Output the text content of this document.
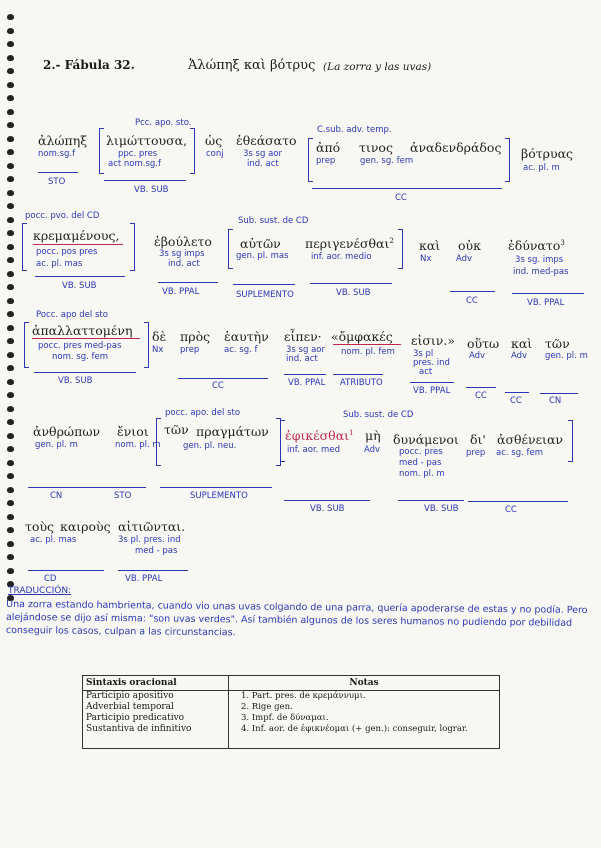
2.- Fábula 32.	Ἀλώπηξ καὶ βότρυς (La zorra y las uvas)
ἀλώπηξ
nom.sg.f
STO
Pcc. apo. sto.
λιμώττουσα,
ppc. pres
act nom.sg.f
VB. SUB
ὡς
conj
ἐθεάσατο
3s sg aor
ind. act
C.sub. adv. temp.
ἀπό
prep
τινος ἀναδενδράδος
gen. sg. fem
CC
βότρυας
ac. pl. m
pocc. pvo. del CD
κρεμαμένους,
pocc. pos pres
ac. pl. mas
VB. SUB
ἐβούλετο
3s sg imps
ind. act
VB. PPAL
Sub. sust. de CD
αὐτῶν
gen. pl. mas
SUPLEMENTO
περιγενέσθαι$^2$
inf. aor. medio
VB. SUB
καὶ
Nx
οὐκ
Adv
CC
ἐδύνατο$^3$
3s sg. imps
ind. med-pas
VB. PPAL
Pocc. apo del sto
ἀπαλλαττομένη
pocc. pres med-pas
nom. sg. fem
VB. SUB
δὲ
Nx
πρὸς
prep
ἑαυτὴν
ac. sg. f
CC
εἶπεν·
3s sg aor
ind. act
VB. PPAL
«ὄμφακές
nom. pl. fem
ATRIBUTO
εἰσιν.»
3s pl
pres. ind
act
VB. PPAL
οὕτω
Adv
CC
καὶ
Adv
CC
τῶν
gen. pl. m
CN
ἀνθρώπων
gen. pl. m
CN
ἔνιοι
nom. pl. m
STO
pocc. apo. del sto
τῶν πραγμάτων
gen. pl. neu.
SUPLEMENTO
Sub. sust. de CD
ἐφικέσθαι$^1$
inf. aor. med
VB. SUB
μὴ
Adv
δυνάμενοι
pocc. pres
med - pas
nom. pl. m
VB. SUB
δι'
prep
ἀσθένειαν
ac. sg. fem
CC
τοὺς καιροὺς
ac. pl. mas
CD
αἰτιῶνται.
3s pl. pres. ind
med - pas
VB. PPAL
TRADUCCIÓN:
Una zorra estando hambrienta, cuando vio unas uvas colgando de una parra, quería apoderarse de estas y no podía. Pero alejándose se dijo así misma: "son uvas verdes". Así también algunos de los seres humanos no pudiendo por debilidad conseguir los casos, culpan a las circunstancias.
Sintaxis oracional
Participio apositivo
Adverbial temporal
Participio predicativo
Sustantiva de infinitivo
Notas
1. Part. pres. de κρεμάννυμι.
2. Rige gen.
3. Impf. de δύναμαι.
4. Inf. aor. de ἐφικνέομαι (+ gen.): conseguir, lograr.
